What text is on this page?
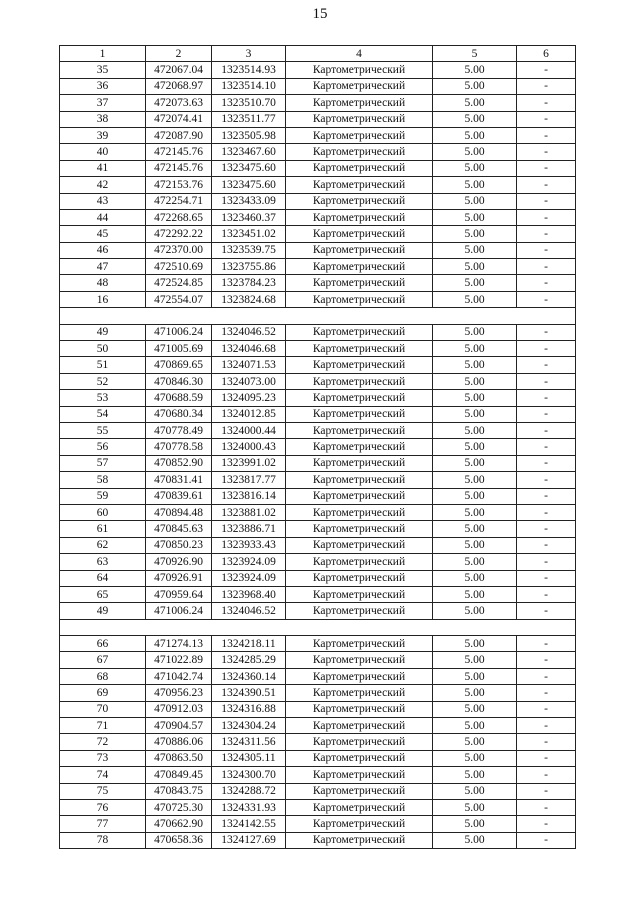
15
1	2	3	4	5	6
35	472067.04	1323514.93	Картометрический	5.00	-
36	472068.97	1323514.10	Картометрический	5.00	-
37	472073.63	1323510.70	Картометрический	5.00	-
38	472074.41	1323511.77	Картометрический	5.00	-
39	472087.90	1323505.98	Картометрический	5.00	-
40	472145.76	1323467.60	Картометрический	5.00	-
41	472145.76	1323475.60	Картометрический	5.00	-
42	472153.76	1323475.60	Картометрический	5.00	-
43	472254.71	1323433.09	Картометрический	5.00	-
44	472268.65	1323460.37	Картометрический	5.00	-
45	472292.22	1323451.02	Картометрический	5.00	-
46	472370.00	1323539.75	Картометрический	5.00	-
47	472510.69	1323755.86	Картометрический	5.00	-
48	472524.85	1323784.23	Картометрический	5.00	-
16	472554.07	1323824.68	Картометрический	5.00	-

49	471006.24	1324046.52	Картометрический	5.00	-
50	471005.69	1324046.68	Картометрический	5.00	-
51	470869.65	1324071.53	Картометрический	5.00	-
52	470846.30	1324073.00	Картометрический	5.00	-
53	470688.59	1324095.23	Картометрический	5.00	-
54	470680.34	1324012.85	Картометрический	5.00	-
55	470778.49	1324000.44	Картометрический	5.00	-
56	470778.58	1324000.43	Картометрический	5.00	-
57	470852.90	1323991.02	Картометрический	5.00	-
58	470831.41	1323817.77	Картометрический	5.00	-
59	470839.61	1323816.14	Картометрический	5.00	-
60	470894.48	1323881.02	Картометрический	5.00	-
61	470845.63	1323886.71	Картометрический	5.00	-
62	470850.23	1323933.43	Картометрический	5.00	-
63	470926.90	1323924.09	Картометрический	5.00	-
64	470926.91	1323924.09	Картометрический	5.00	-
65	470959.64	1323968.40	Картометрический	5.00	-
49	471006.24	1324046.52	Картометрический	5.00	-

66	471274.13	1324218.11	Картометрический	5.00	-
67	471022.89	1324285.29	Картометрический	5.00	-
68	471042.74	1324360.14	Картометрический	5.00	-
69	470956.23	1324390.51	Картометрический	5.00	-
70	470912.03	1324316.88	Картометрический	5.00	-
71	470904.57	1324304.24	Картометрический	5.00	-
72	470886.06	1324311.56	Картометрический	5.00	-
73	470863.50	1324305.11	Картометрический	5.00	-
74	470849.45	1324300.70	Картометрический	5.00	-
75	470843.75	1324288.72	Картометрический	5.00	-
76	470725.30	1324331.93	Картометрический	5.00	-
77	470662.90	1324142.55	Картометрический	5.00	-
78	470658.36	1324127.69	Картометрический	5.00	-
